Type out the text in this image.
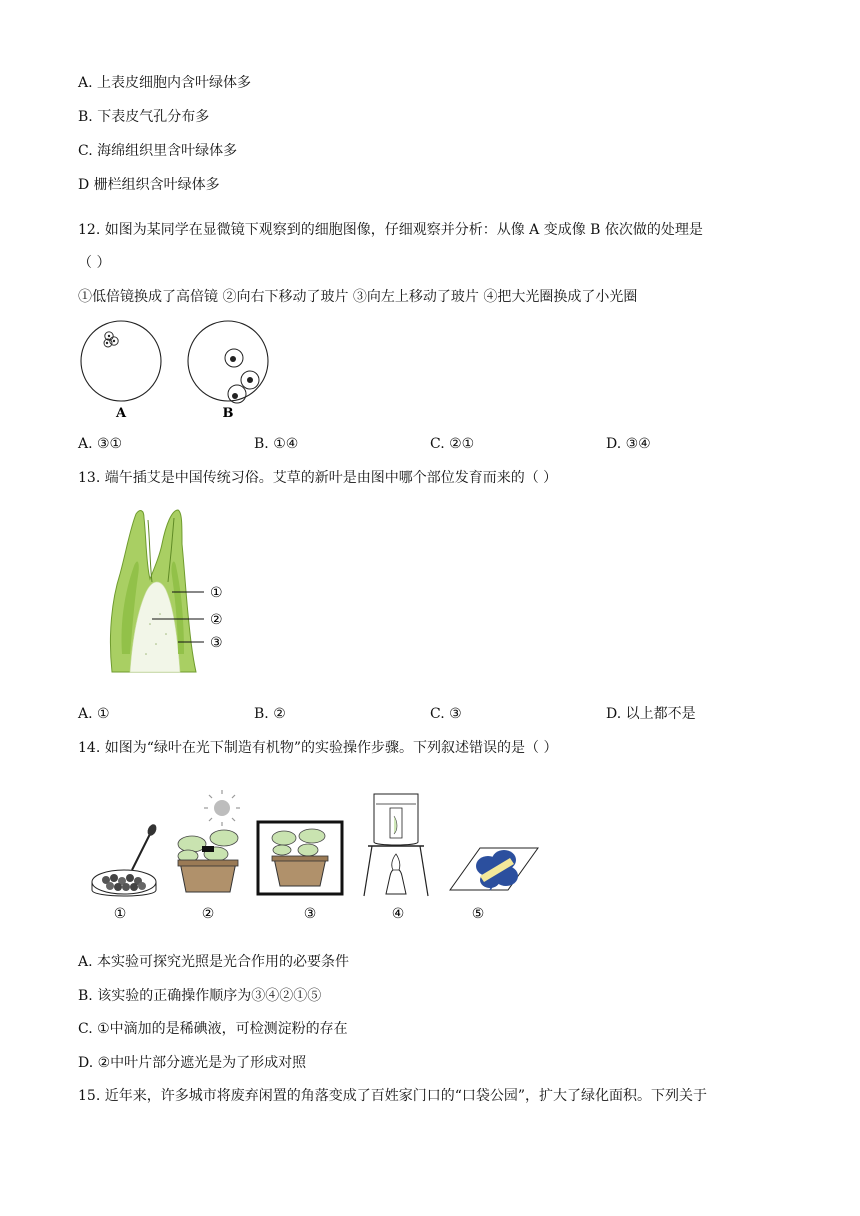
A. 上表皮细胞内含叶绿体多
B. 下表皮气孔分布多
C. 海绵组织里含叶绿体多
D 栅栏组织含叶绿体多
12. 如图为某同学在显微镜下观察到的细胞图像，仔细观察并分析：从像 A 变成像 B 依次做的处理是
（ ）
①低倍镜换成了高倍镜 ②向右下移动了玻片 ③向左上移动了玻片 ④把大光圈换成了小光圈
A	B
A. ③①	B. ①④	C. ②①	D. ③④
13. 端午插艾是中国传统习俗。艾草的新叶是由图中哪个部位发育而来的（ ）
①
②
③
A. ①	B. ②	C. ③	D. 以上都不是
14. 如图为“绿叶在光下制造有机物”的实验操作步骤。下列叙述错误的是（ ）
①	②	③	④	⑤
A. 本实验可探究光照是光合作用的必要条件
B. 该实验的正确操作顺序为③④②①⑤
C. ①中滴加的是稀碘液，可检测淀粉的存在
D. ②中叶片部分遮光是为了形成对照
15. 近年来，许多城市将废弃闲置的角落变成了百姓家门口的“口袋公园”，扩大了绿化面积。下列关于
